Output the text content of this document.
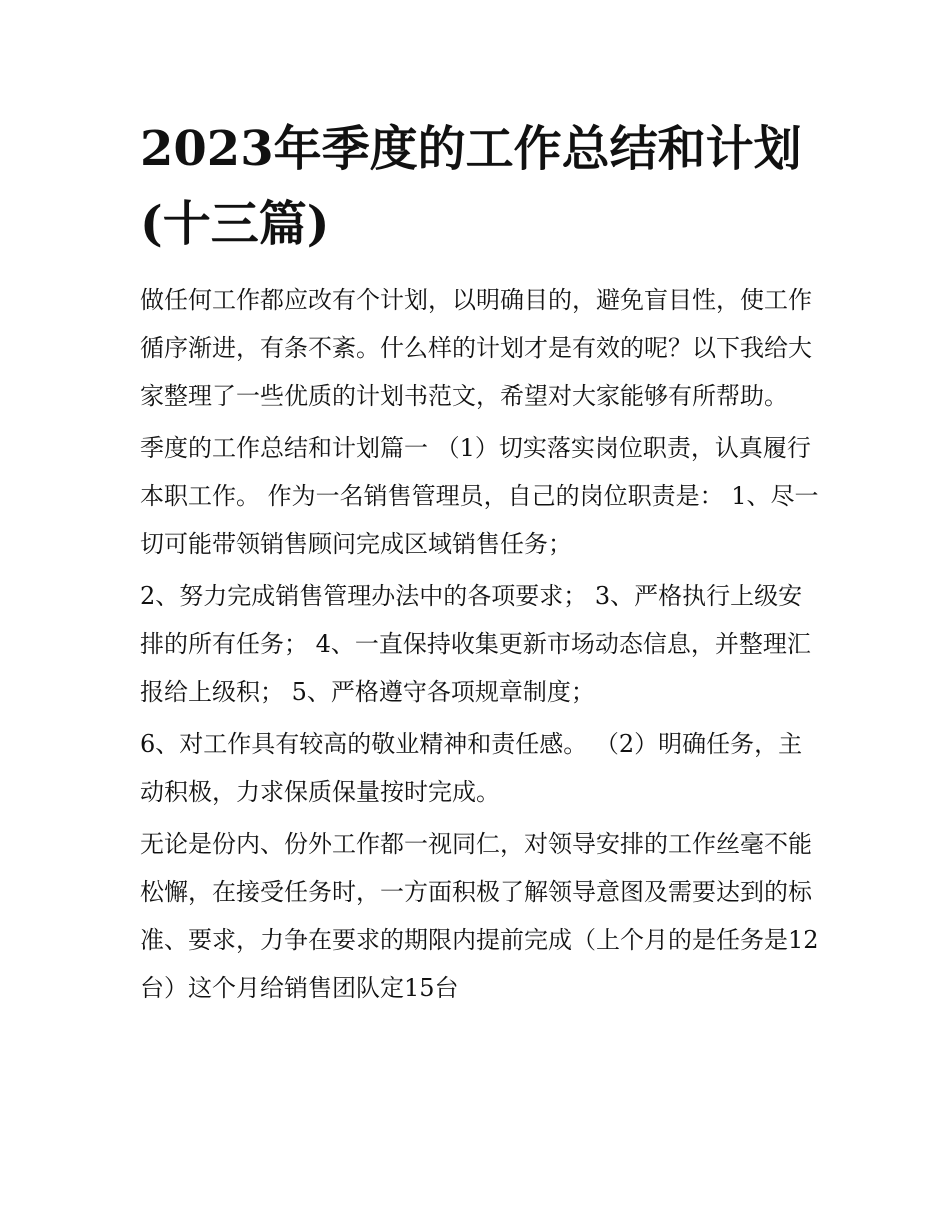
2023年季度的工作总结和计划(十三篇)

做任何工作都应改有个计划，以明确目的，避免盲目性，使工作循序渐进，有条不紊。什么样的计划才是有效的呢？以下我给大家整理了一些优质的计划书范文，希望对大家能够有所帮助。

季度的工作总结和计划篇一 （1）切实落实岗位职责，认真履行本职工作。 作为一名销售管理员，自己的岗位职责是： 1、尽一切可能带领销售顾问完成区域销售任务；

2、努力完成销售管理办法中的各项要求； 3、严格执行上级安排的所有任务； 4、一直保持收集更新市场动态信息，并整理汇报给上级积； 5、严格遵守各项规章制度；

6、对工作具有较高的敬业精神和责任感。 （2）明确任务，主动积极，力求保质保量按时完成。

无论是份内、份外工作都一视同仁，对领导安排的工作丝毫不能松懈，在接受任务时，一方面积极了解领导意图及需要达到的标准、要求，力争在要求的期限内提前完成（上个月的是任务是12台）这个月给销售团队定15台
